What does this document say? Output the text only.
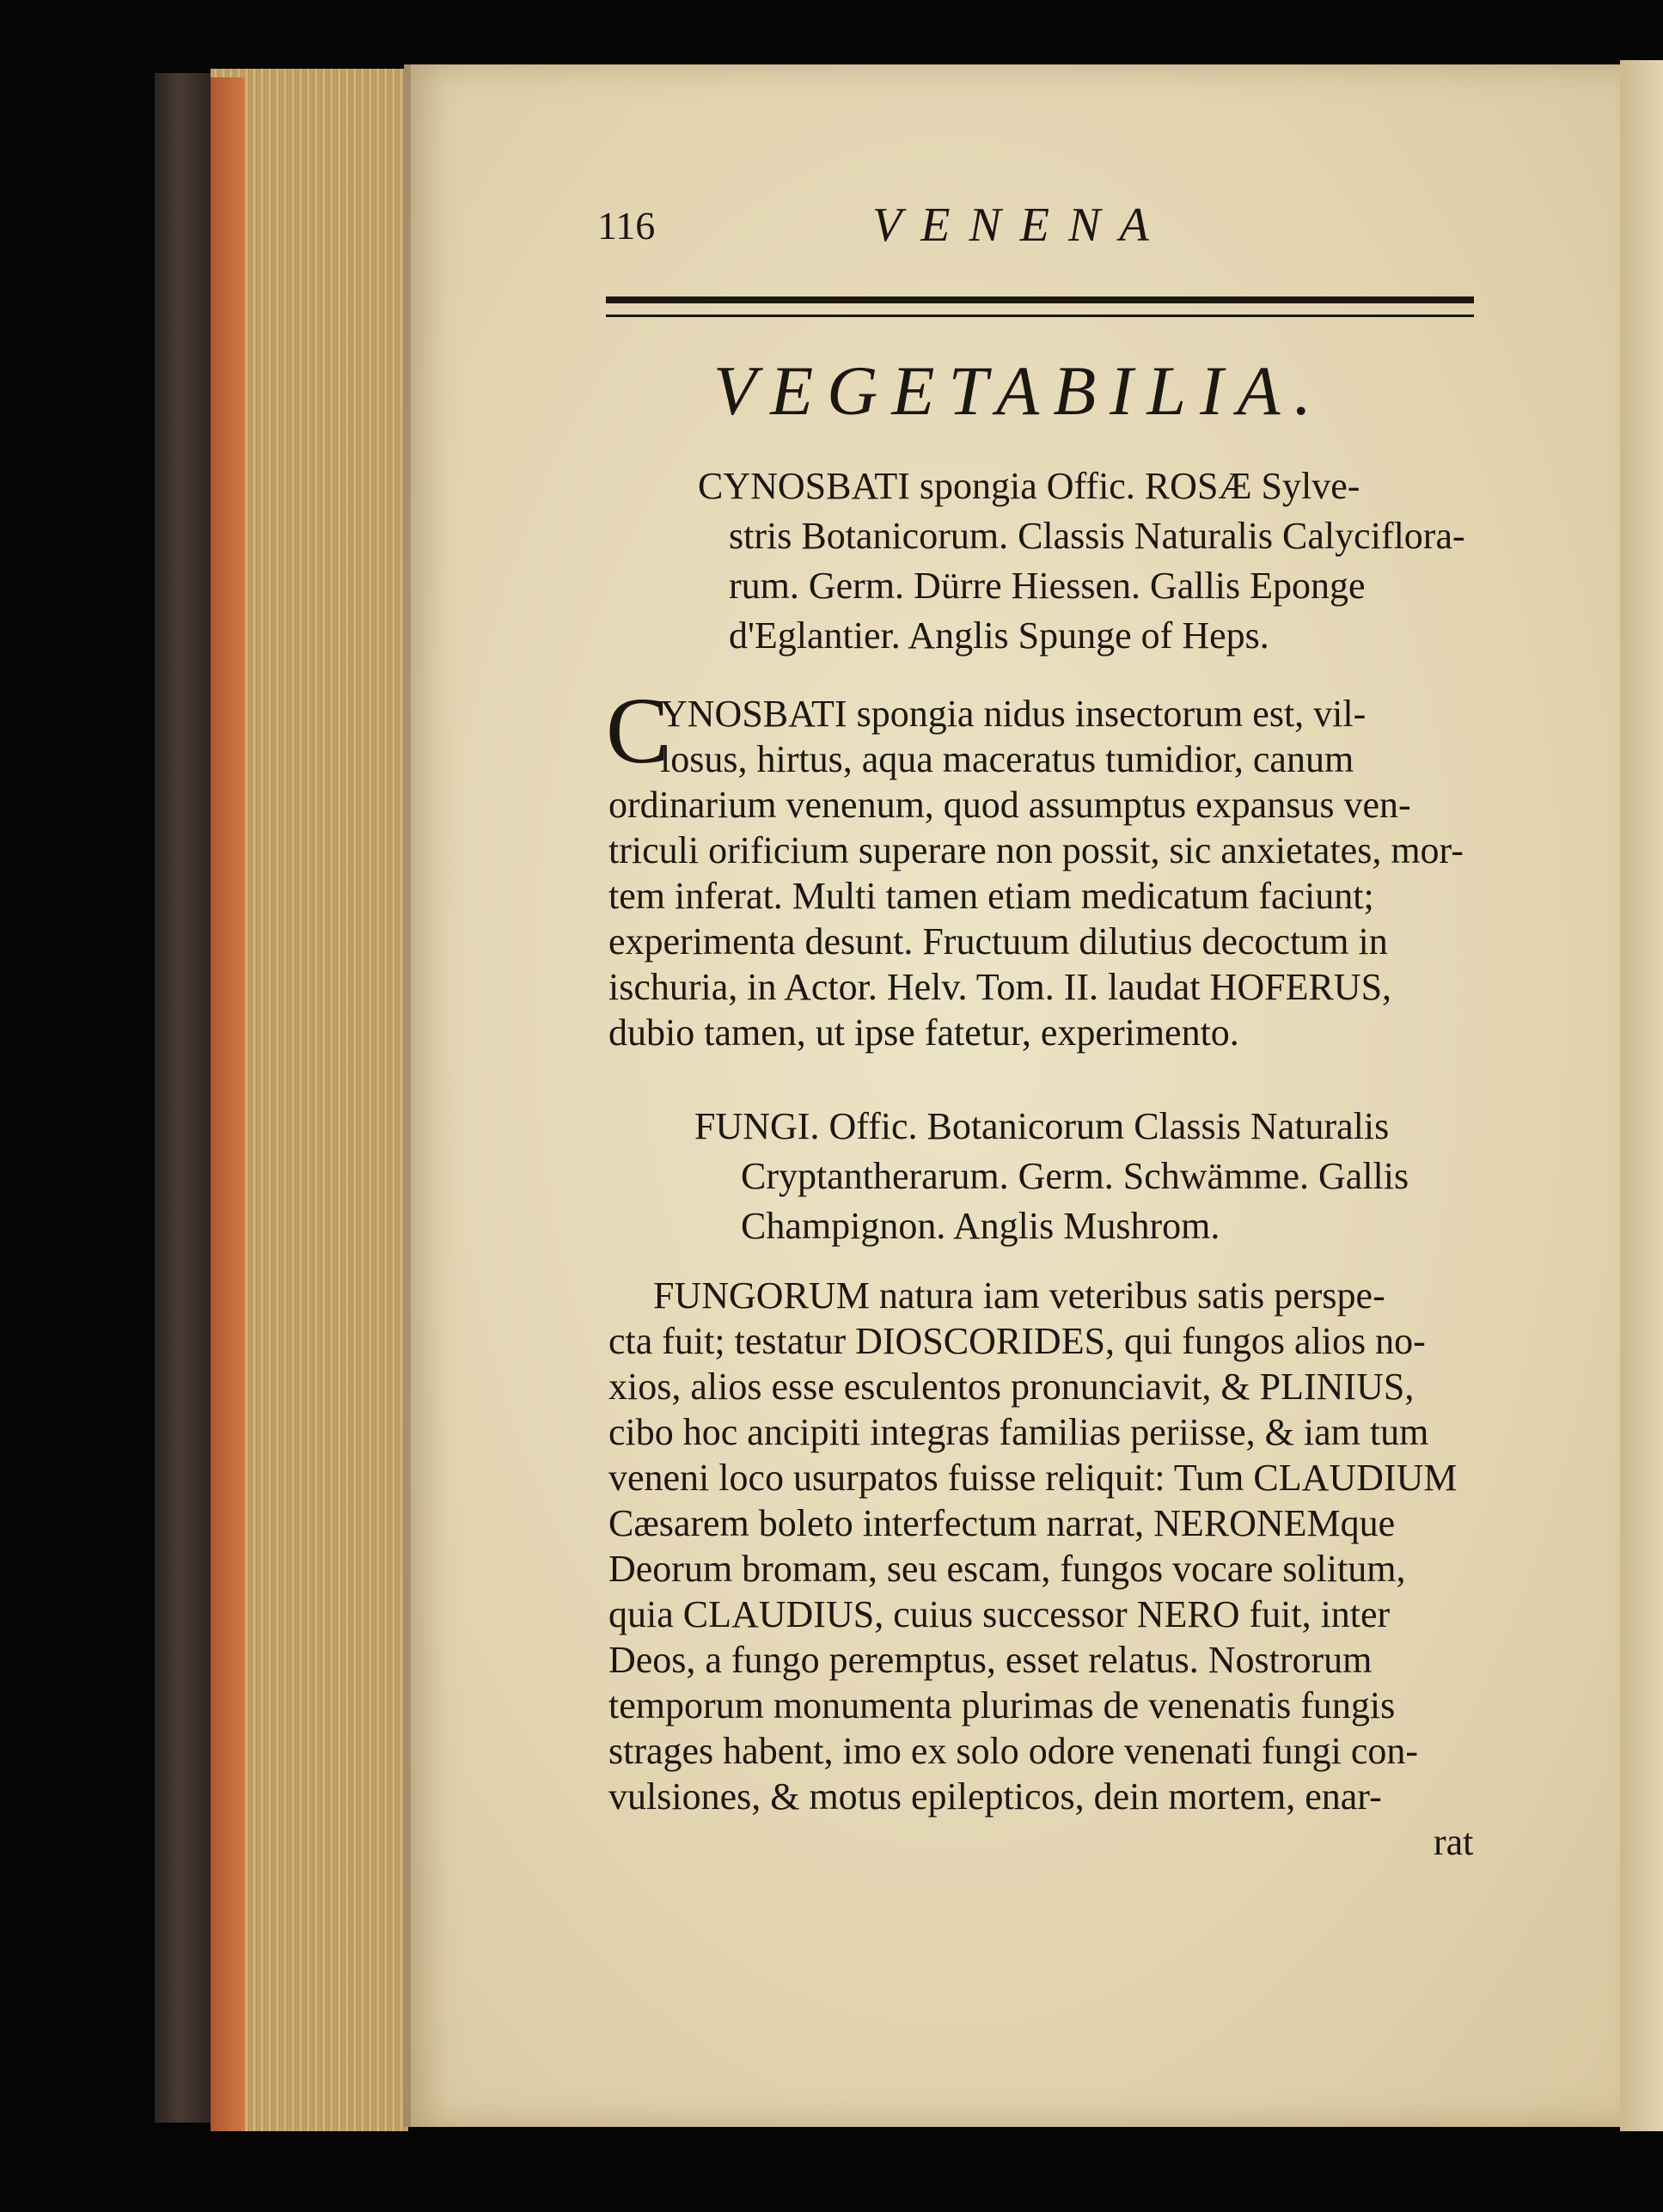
116	VENENA
VEGETABILIA.
CYNOSBATI spongia Offic. ROSÆ Sylve-
stris Botanicorum. Classis Naturalis Calyciflora-
rum. Germ. Dürre Hiessen. Gallis Eponge
d'Eglantier. Anglis Spunge of Heps.
C
YNOSBATI spongia nidus insectorum est, vil-
losus, hirtus, aqua maceratus tumidior, canum
ordinarium venenum, quod assumptus expansus ven-
triculi orificium superare non possit, sic anxietates, mor-
tem inferat. Multi tamen etiam medicatum faciunt;
experimenta desunt. Fructuum dilutius decoctum in
ischuria, in Actor. Helv. Tom. II. laudat HOFERUS,
dubio tamen, ut ipse fatetur, experimento.
FUNGI. Offic. Botanicorum Classis Naturalis
Cryptantherarum. Germ. Schwämme. Gallis
Champignon. Anglis Mushrom.
FUNGORUM natura iam veteribus satis perspe-
cta fuit; testatur DIOSCORIDES, qui fungos alios no-
xios, alios esse esculentos pronunciavit, & PLINIUS,
cibo hoc ancipiti integras familias periisse, & iam tum
veneni loco usurpatos fuisse reliquit: Tum CLAUDIUM
Cæsarem boleto interfectum narrat, NERONEMque
Deorum bromam, seu escam, fungos vocare solitum,
quia CLAUDIUS, cuius successor NERO fuit, inter
Deos, a fungo peremptus, esset relatus. Nostrorum
temporum monumenta plurimas de venenatis fungis
strages habent, imo ex solo odore venenati fungi con-
vulsiones, & motus epilepticos, dein mortem, enar-
rat
